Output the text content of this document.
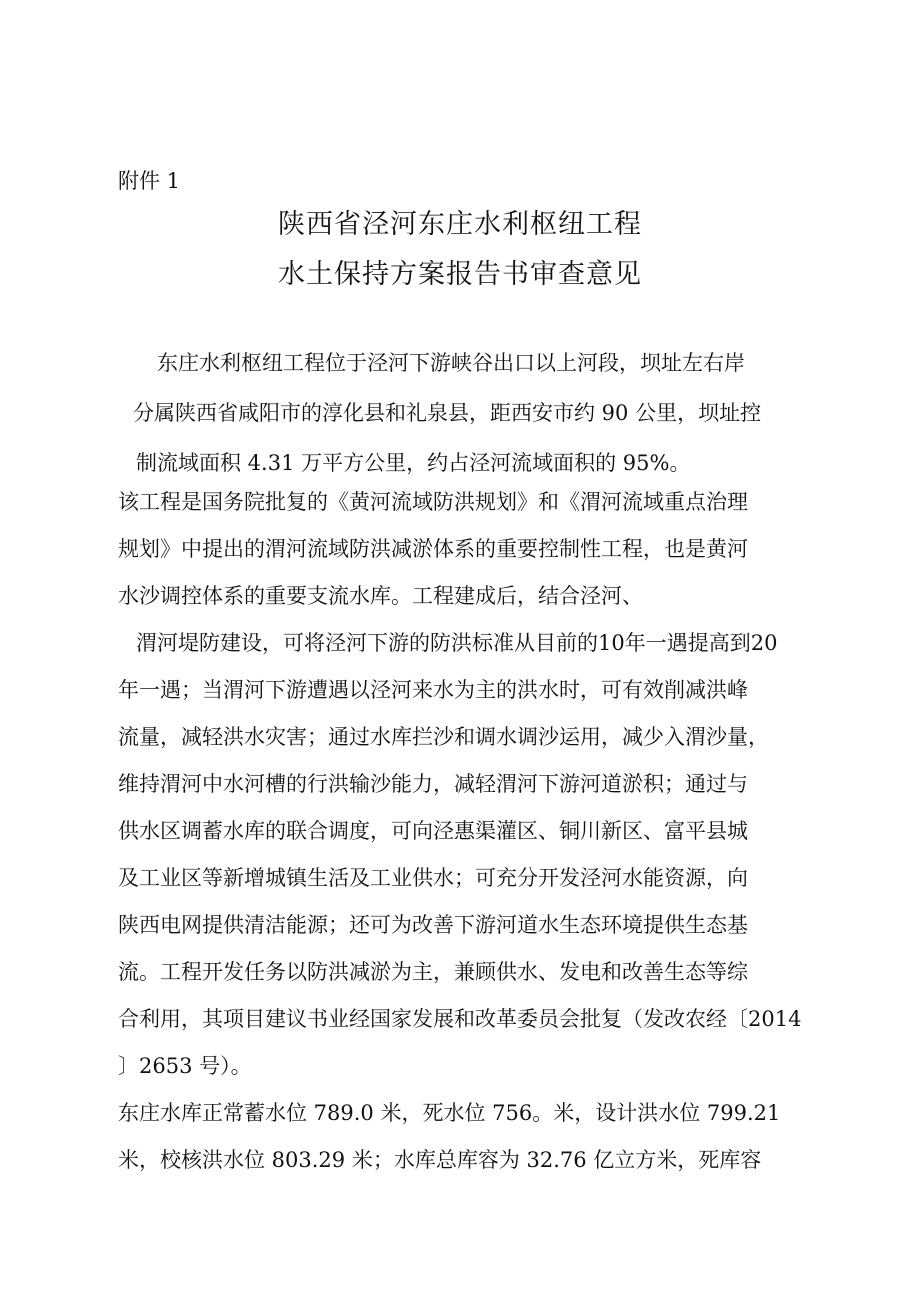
附件 1
陕西省泾河东庄水利枢纽工程
水土保持方案报告书审查意见
东庄水利枢纽工程位于泾河下游峡谷出口以上河段，坝址左右岸
分属陕西省咸阳市的淳化县和礼泉县，距西安市约 90 公里，坝址控
制流域面积 4.31 万平方公里，约占泾河流域面积的 95%。
该工程是国务院批复的《黄河流域防洪规划》和《渭河流域重点治理
规划》中提出的渭河流域防洪减淤体系的重要控制性工程，也是黄河
水沙调控体系的重要支流水库。工程建成后，结合泾河、
渭河堤防建设，可将泾河下游的防洪标准从目前的10年一遇提高到20
年一遇；当渭河下游遭遇以泾河来水为主的洪水时，可有效削减洪峰
流量，减轻洪水灾害；通过水库拦沙和调水调沙运用，减少入渭沙量，
维持渭河中水河槽的行洪输沙能力，减轻渭河下游河道淤积；通过与
供水区调蓄水库的联合调度，可向泾惠渠灌区、铜川新区、富平县城
及工业区等新增城镇生活及工业供水；可充分开发泾河水能资源，向
陕西电网提供清洁能源；还可为改善下游河道水生态环境提供生态基
流。工程开发任务以防洪减淤为主，兼顾供水、发电和改善生态等综
合利用，其项目建议书业经国家发展和改革委员会批复（发改农经〔2014
〕2653 号）。
东庄水库正常蓄水位 789.0 米，死水位 756。米，设计洪水位 799.21
米，校核洪水位 803.29 米；水库总库容为 32.76 亿立方米，死库容
